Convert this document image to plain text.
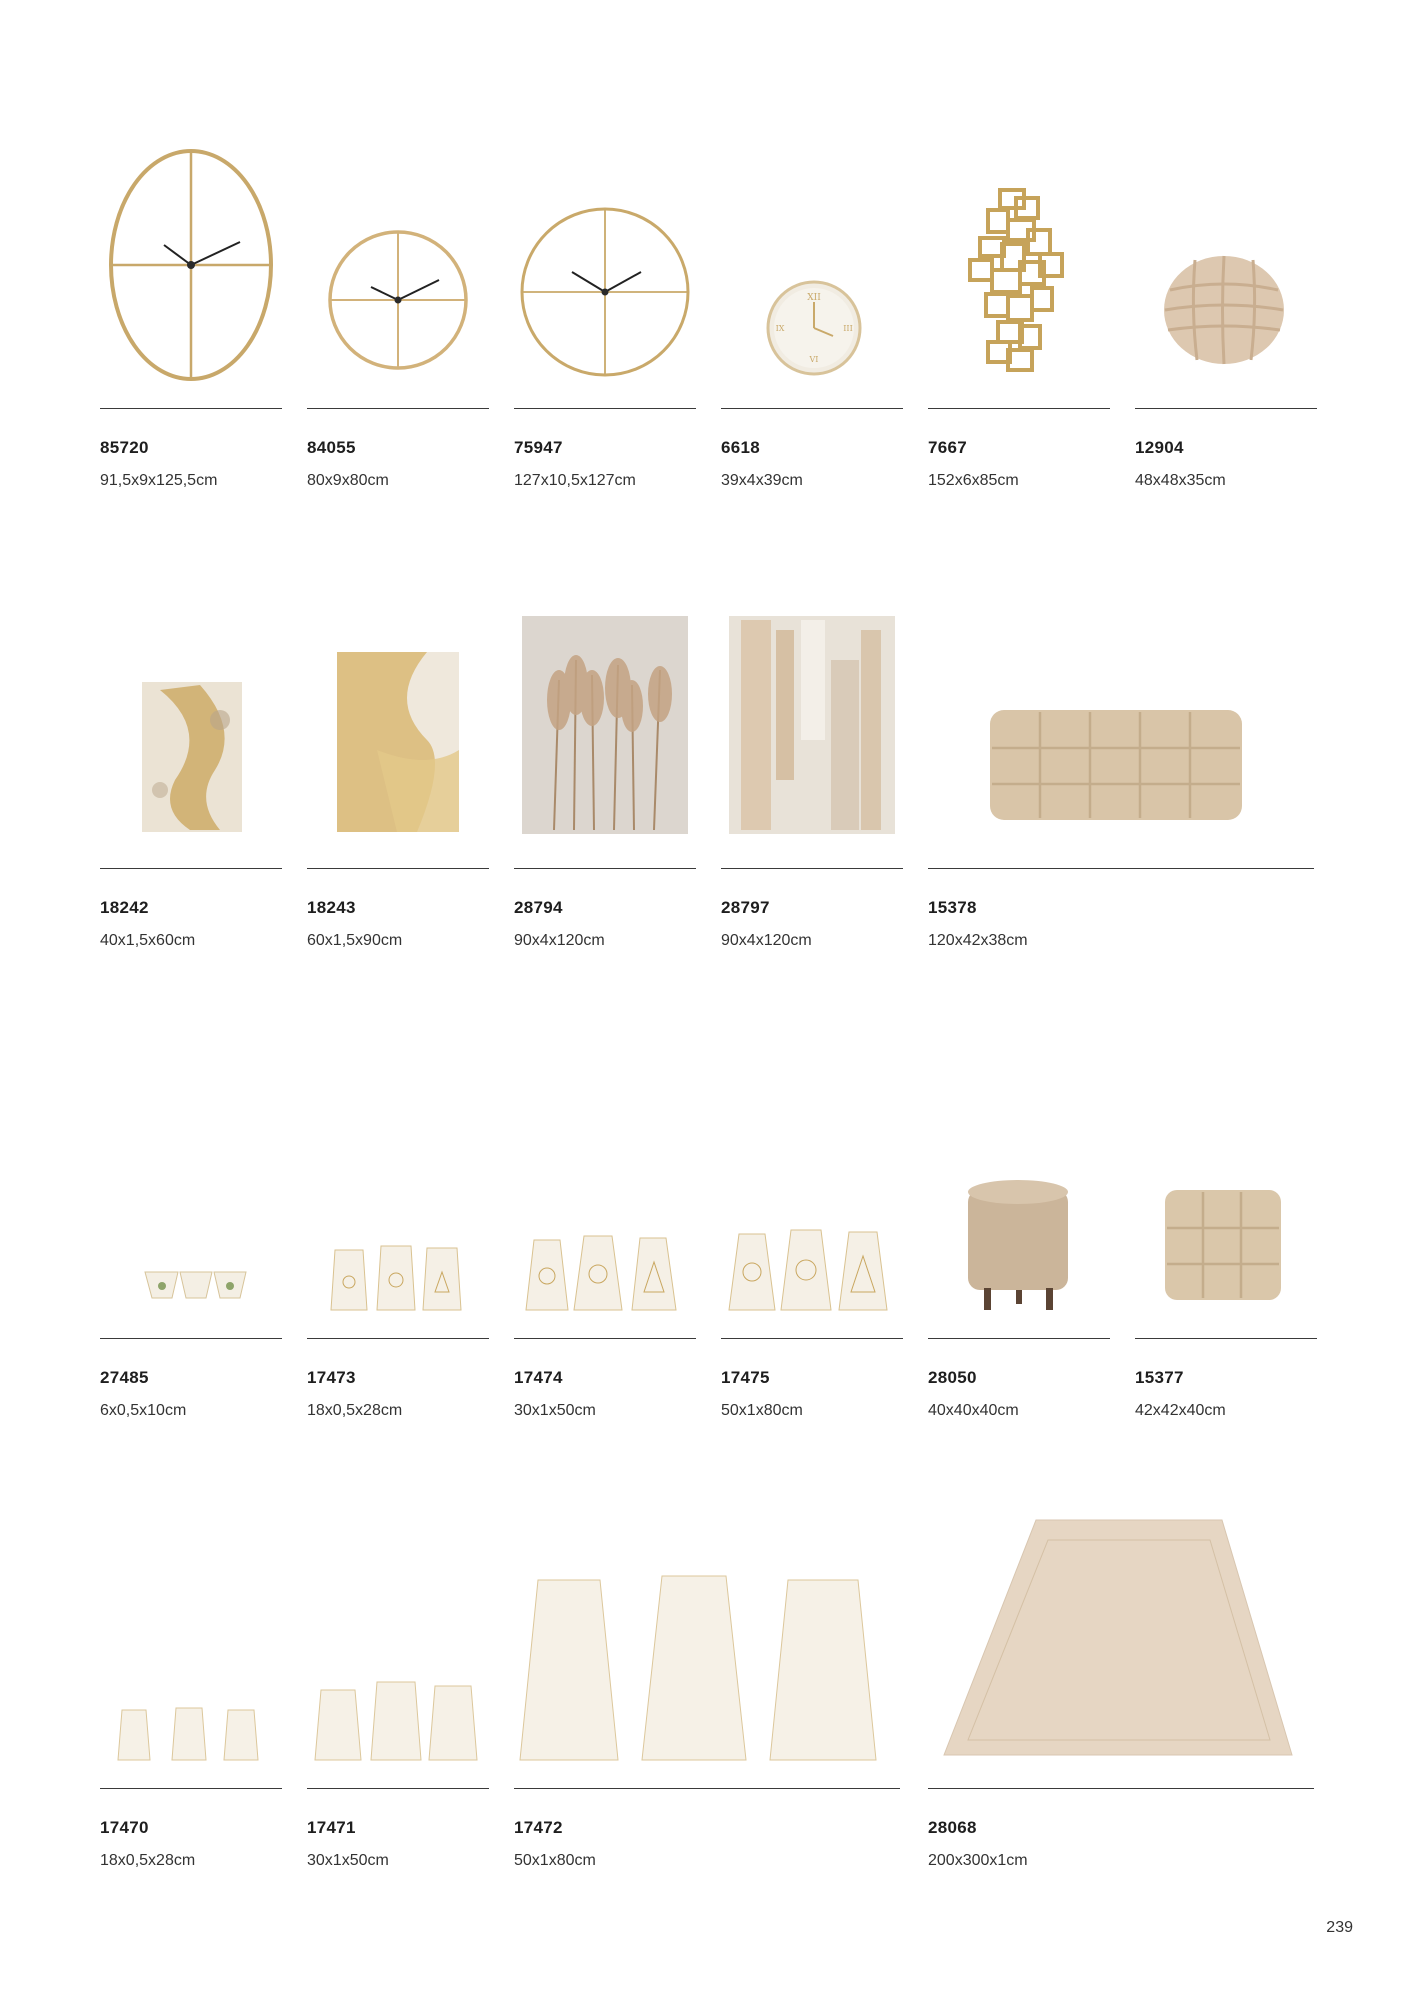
85720
91,5x9x125,5cm
84055
80x9x80cm
75947
127x10,5x127cm
XII
III
IX
VI
6618
39x4x39cm
7667
152x6x85cm
12904
48x48x35cm
18242
40x1,5x60cm
18243
60x1,5x90cm
28794
90x4x120cm
28797
90x4x120cm
15378
120x42x38cm
27485
6x0,5x10cm
17473
18x0,5x28cm
17474
30x1x50cm
17475
50x1x80cm
28050
40x40x40cm
15377
42x42x40cm
17470
18x0,5x28cm
17471
30x1x50cm
17472
50x1x80cm
28068
200x300x1cm
239
